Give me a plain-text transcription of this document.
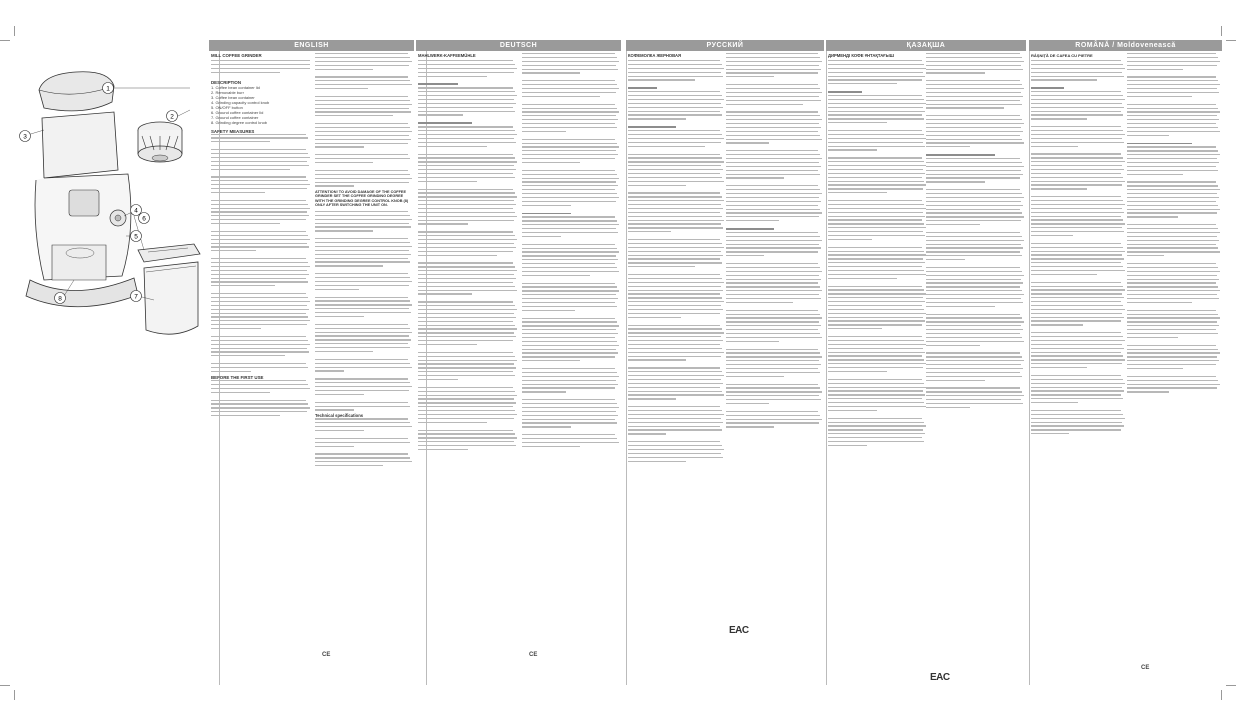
1
2
3
4
5
6
7
8
ENGLISH
MILL COFFEE GRINDER
DESCRIPTION
1. Coffee bean container lid
2. Removable burr
3. Coffee bean container
4. Grinding capacity control knob
5. ON/OFF button
6. Ground coffee container lid
7. Ground coffee container
8. Grinding degree control knob
SAFETY MEASURES
BEFORE THE FIRST USE
ATTENTION! TO AVOID DAMAGE OF THE COFFEE GRINDER SET THE COFFEE GRINDING DEGREE WITH THE GRINDING DEGREE CONTROL KNOB (8) ONLY AFTER SWITCHING THE UNIT ON.
Technical specifications
CE
DEUTSCH
MAHLWERK-KAFFEEMÜHLE
CE
РУССКИЙ
КОФЕМОЛКА ЖЕРНОВАЯ
EAC
ҚАЗАҚША
ДИРМЕНДІ КОФЕ ҰНТАҚТАҒЫШ
EAC
ROMÂNĂ / Moldovenească
RÂȘNIȚĂ DE CAFEA CU PIETRE
CE
